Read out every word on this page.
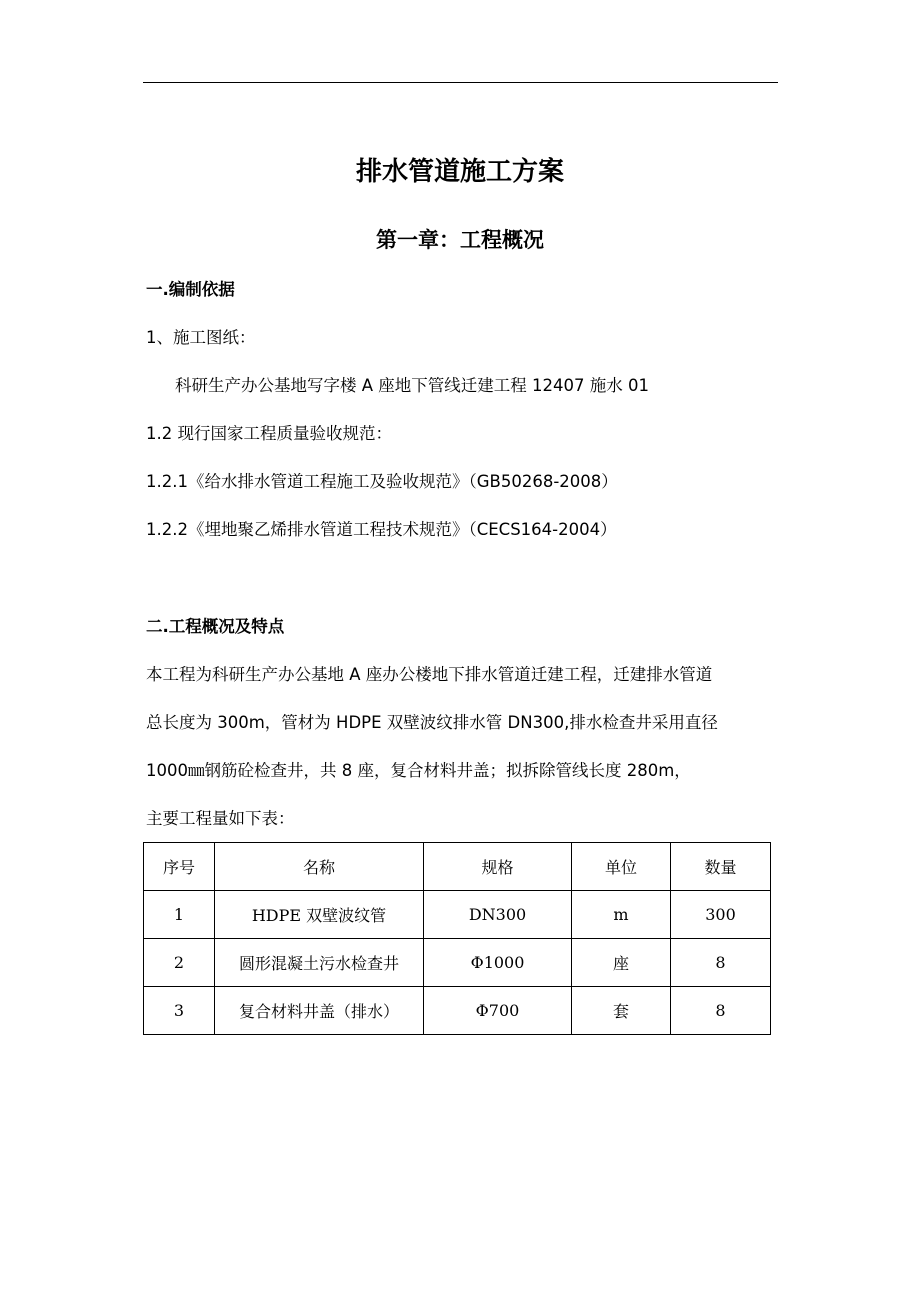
排水管道施工方案
第一章：工程概况
一.编制依据
1、施工图纸：
科研生产办公基地写字楼 A 座地下管线迁建工程 12407 施水 01
1.2 现行国家工程质量验收规范：
1.2.1《给水排水管道工程施工及验收规范》（GB50268-2008）
1.2.2《埋地聚乙烯排水管道工程技术规范》（CECS164-2004）
二.工程概况及特点
本工程为科研生产办公基地 A 座办公楼地下排水管道迁建工程，迁建排水管道
总长度为 300m，管材为 HDPE 双壁波纹排水管 DN300,排水检查井采用直径
1000㎜钢筋砼检查井，共 8 座，复合材料井盖；拟拆除管线长度 280m，
主要工程量如下表：
序号	名称	规格	单位	数量
1	HDPE 双壁波纹管	DN300	m	300
2	圆形混凝土污水检查井	Φ1000	座	8
3	复合材料井盖（排水）	Φ700	套	8
